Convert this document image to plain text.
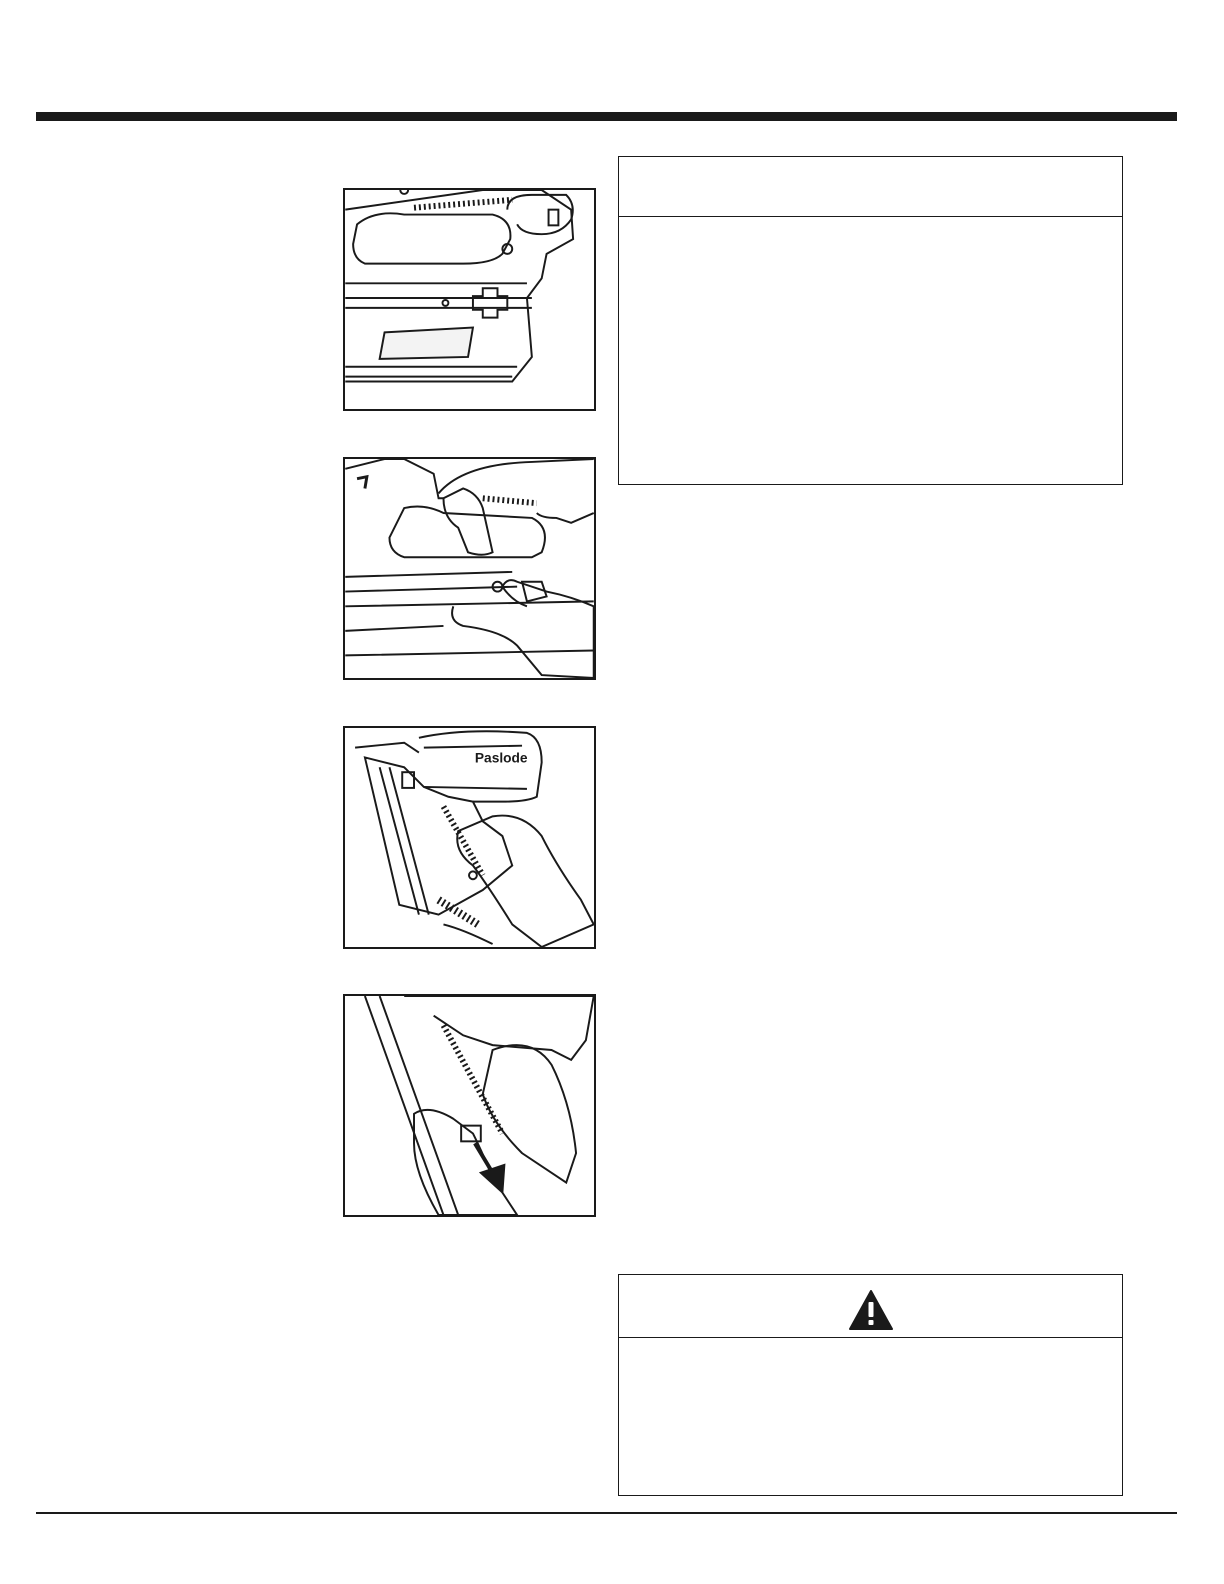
Paslode
